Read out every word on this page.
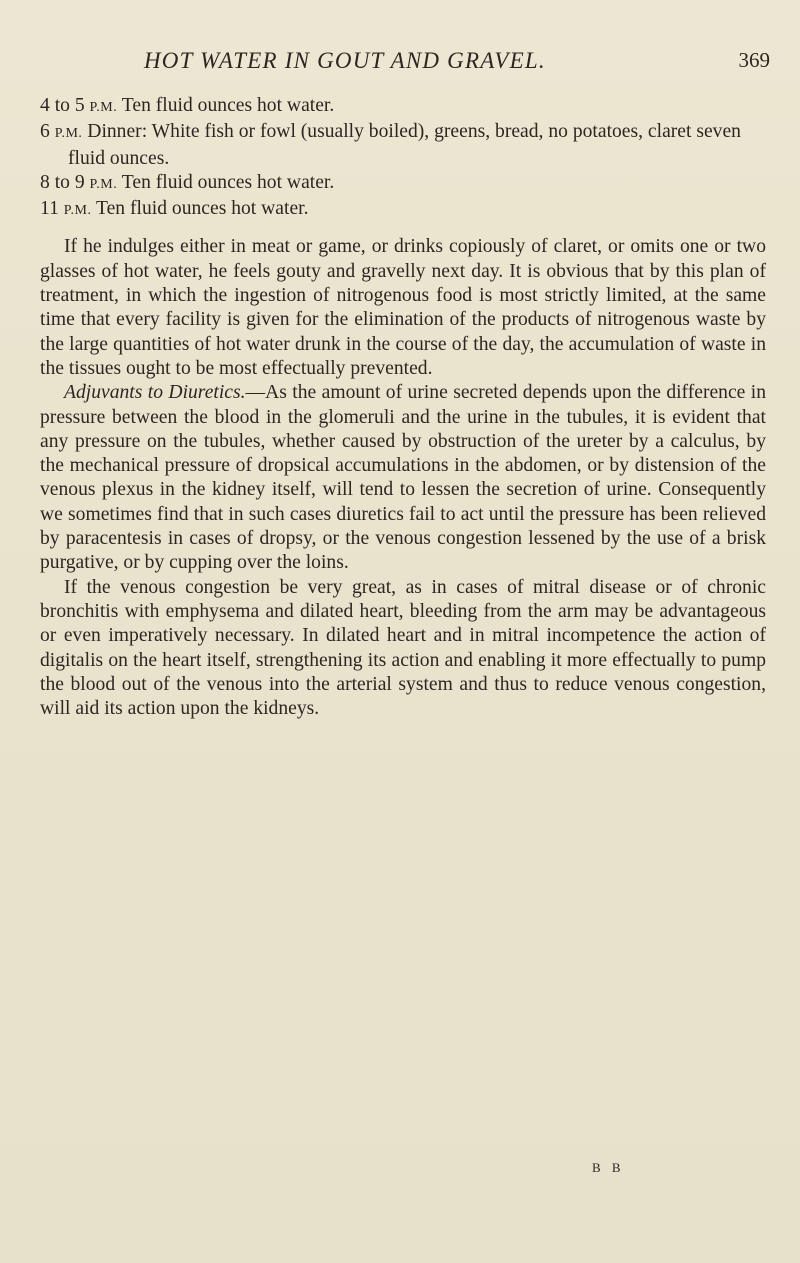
HOT WATER IN GOUT AND GRAVEL.	369

4 to 5 P.M. Ten fluid ounces hot water.

6 P.M. Dinner: White fish or fowl (usually boiled), greens, bread, no potatoes, claret seven fluid ounces.

8 to 9 P.M. Ten fluid ounces hot water.

11 P.M. Ten fluid ounces hot water.

If he indulges either in meat or game, or drinks copiously of claret, or omits one or two glasses of hot water, he feels gouty and gravelly next day. It is obvious that by this plan of treatment, in which the ingestion of nitrogenous food is most strictly limited, at the same time that every facility is given for the elimination of the products of nitrogenous waste by the large quantities of hot water drunk in the course of the day, the accumulation of waste in the tissues ought to be most effectually prevented.

Adjuvants to Diuretics.—As the amount of urine secreted depends upon the difference in pressure between the blood in the glomeruli and the urine in the tubules, it is evident that any pressure on the tubules, whether caused by obstruction of the ureter by a calculus, by the mechanical pressure of dropsical accumulations in the abdomen, or by distension of the venous plexus in the kidney itself, will tend to lessen the secretion of urine. Consequently we sometimes find that in such cases diuretics fail to act until the pressure has been relieved by paracentesis in cases of dropsy, or the venous congestion lessened by the use of a brisk purgative, or by cupping over the loins.

If the venous congestion be very great, as in cases of mitral disease or of chronic bronchitis with emphysema and dilated heart, bleeding from the arm may be advantageous or even imperatively necessary. In dilated heart and in mitral incompetence the action of digitalis on the heart itself, strengthening its action and enabling it more effectually to pump the blood out of the venous into the arterial system and thus to reduce venous congestion, will aid its action upon the kidneys.

B B
